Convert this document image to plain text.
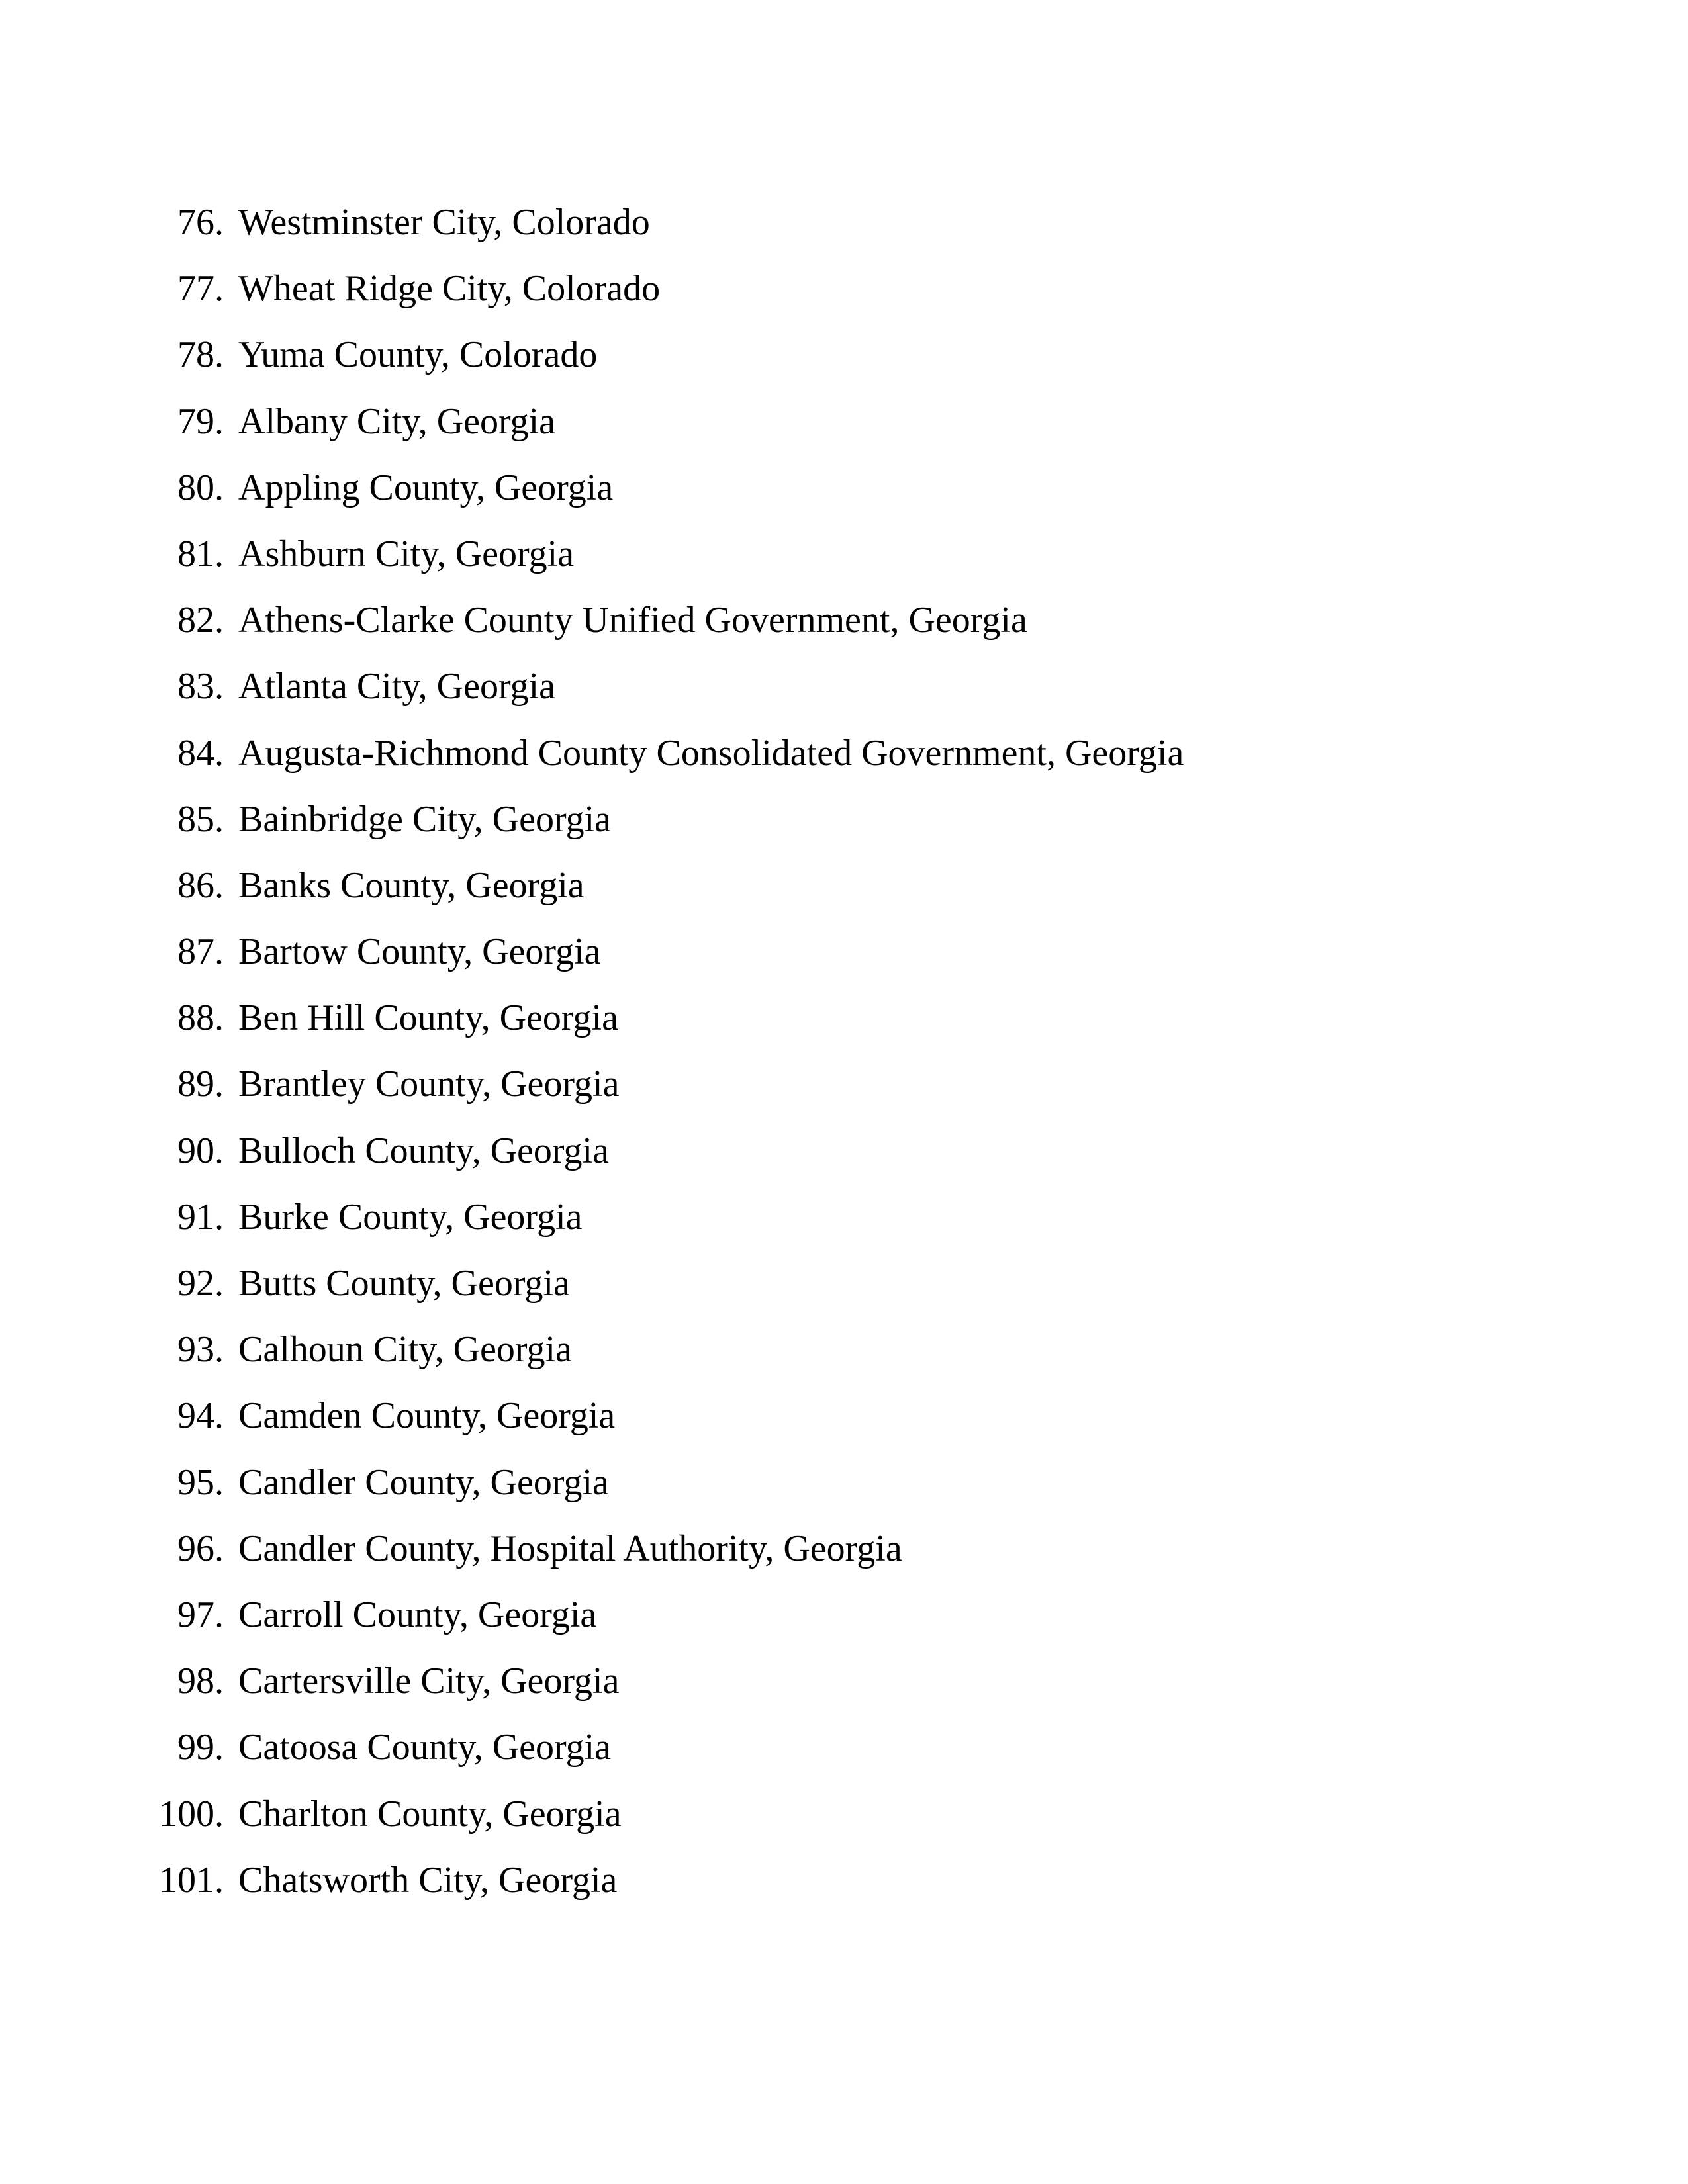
76. Westminster City, Colorado
77. Wheat Ridge City, Colorado
78. Yuma County, Colorado
79. Albany City, Georgia
80. Appling County, Georgia
81. Ashburn City, Georgia
82. Athens-Clarke County Unified Government, Georgia
83. Atlanta City, Georgia
84. Augusta-Richmond County Consolidated Government, Georgia
85. Bainbridge City, Georgia
86. Banks County, Georgia
87. Bartow County, Georgia
88. Ben Hill County, Georgia
89. Brantley County, Georgia
90. Bulloch County, Georgia
91. Burke County, Georgia
92. Butts County, Georgia
93. Calhoun City, Georgia
94. Camden County, Georgia
95. Candler County, Georgia
96. Candler County, Hospital Authority, Georgia
97. Carroll County, Georgia
98. Cartersville City, Georgia
99. Catoosa County, Georgia
100. Charlton County, Georgia
101. Chatsworth City, Georgia
